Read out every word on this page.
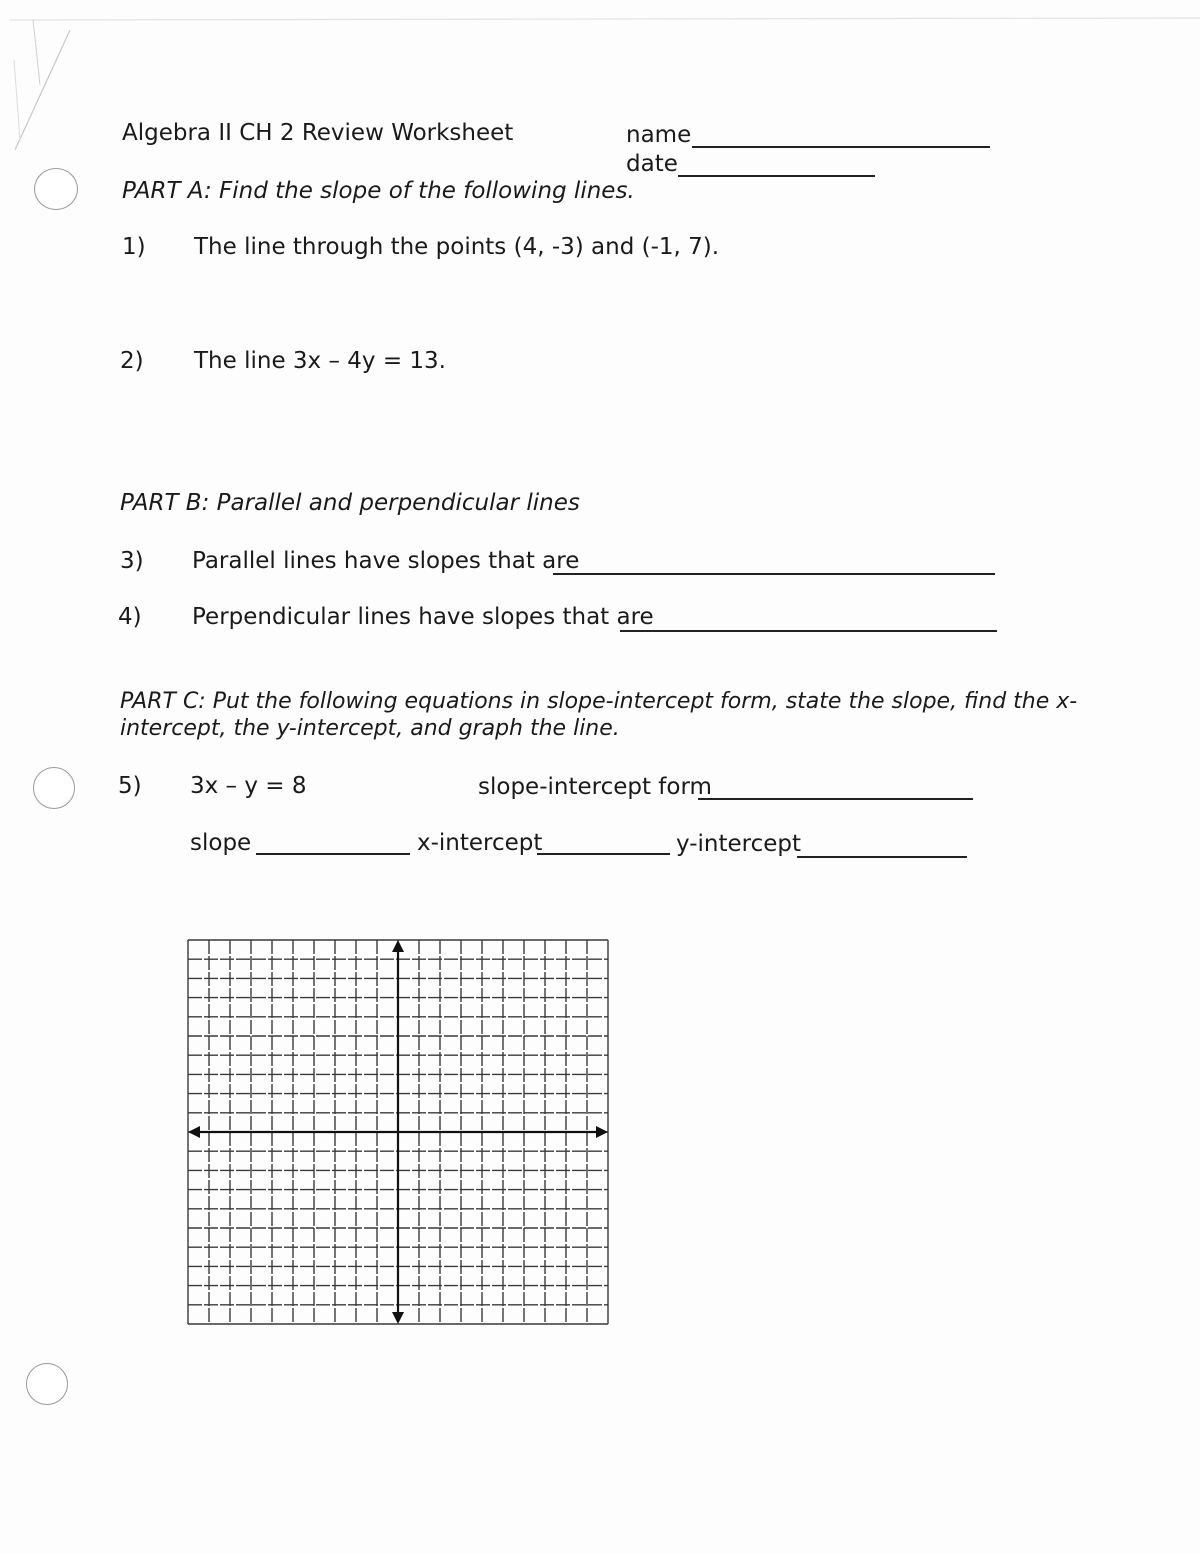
Algebra II CH 2 Review Worksheet	name
date
PART A: Find the slope of the following lines.
1) The line through the points (4, -3) and (-1, 7).
2) The line 3x – 4y = 13.
PART B: Parallel and perpendicular lines
3) Parallel lines have slopes that are
4) Perpendicular lines have slopes that are
PART C: Put the following equations in slope-intercept form, state the slope, find the x-
intercept, the y-intercept, and graph the line.
5) 3x – y = 8	slope-intercept form
slope	x-intercept	y-intercept
